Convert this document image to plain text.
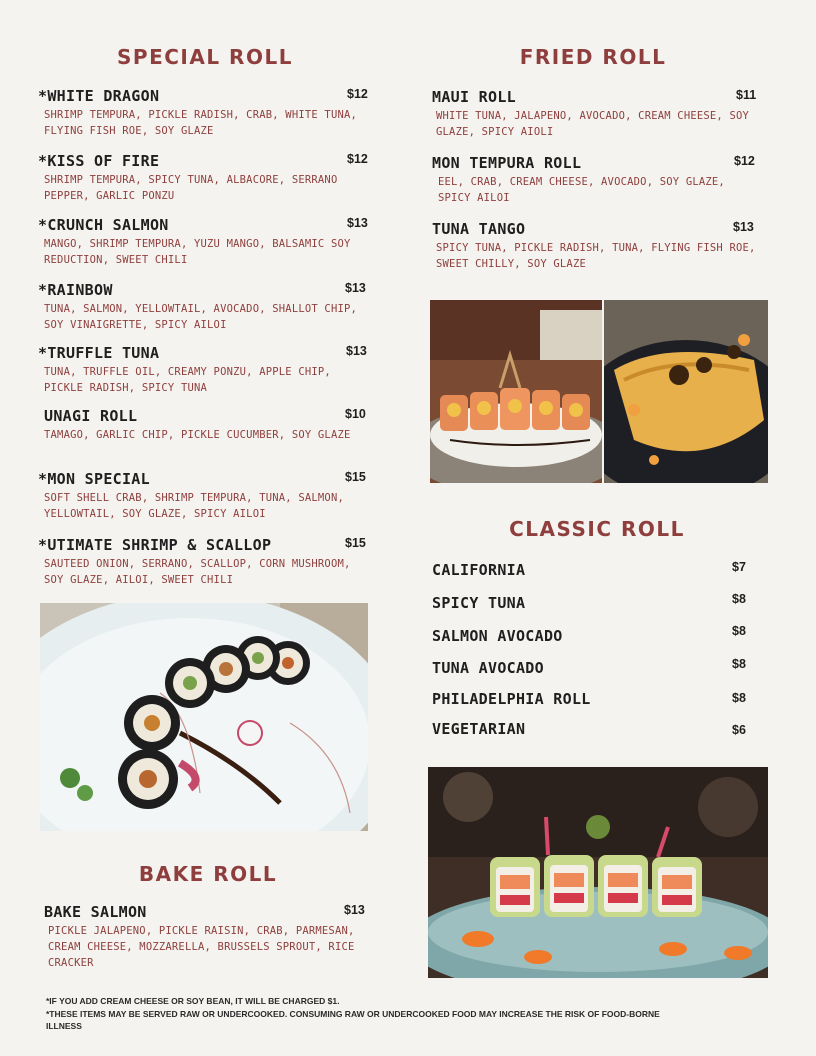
SPECIAL ROLL
*WHITE DRAGON	$12
SHRIMP TEMPURA, PICKLE RADISH, CRAB, WHITE TUNA, FLYING FISH ROE, SOY GLAZE
*KISS OF FIRE	$12
SHRIMP TEMPURA, SPICY TUNA, ALBACORE, SERRANO PEPPER, GARLIC PONZU
*CRUNCH SALMON	$13
MANGO, SHRIMP TEMPURA, YUZU MANGO, BALSAMIC SOY REDUCTION, SWEET CHILI
*RAINBOW	$13
TUNA, SALMON, YELLOWTAIL, AVOCADO, SHALLOT CHIP, SOY VINAIGRETTE, SPICY AILOI
*TRUFFLE TUNA	$13
TUNA, TRUFFLE OIL, CREAMY PONZU, APPLE CHIP, PICKLE RADISH, SPICY TUNA
UNAGI ROLL	$10
TAMAGO, GARLIC CHIP, PICKLE CUCUMBER, SOY GLAZE
*MON SPECIAL	$15
SOFT SHELL CRAB, SHRIMP TEMPURA, TUNA, SALMON, YELLOWTAIL, SOY GLAZE, SPICY AILOI
*UTIMATE SHRIMP & SCALLOP	$15
SAUTEED ONION, SERRANO, SCALLOP, CORN MUSHROOM, SOY GLAZE, AILOI, SWEET CHILI
BAKE ROLL
BAKE SALMON	$13
PICKLE JALAPENO, PICKLE RAISIN, CRAB, PARMESAN, CREAM CHEESE, MOZZARELLA, BRUSSELS SPROUT, RICE CRACKER
FRIED ROLL
MAUI ROLL	$11
WHITE TUNA, JALAPENO, AVOCADO, CREAM CHEESE, SOY GLAZE, SPICY AIOLI
MON TEMPURA ROLL	$12
EEL, CRAB, CREAM CHEESE, AVOCADO, SOY GLAZE, SPICY AILOI
TUNA TANGO	$13
SPICY TUNA, PICKLE RADISH, TUNA, FLYING FISH ROE, SWEET CHILLY, SOY GLAZE
CLASSIC ROLL
CALIFORNIA	$7
SPICY TUNA	$8
SALMON AVOCADO	$8
TUNA AVOCADO	$8
PHILADELPHIA ROLL	$8
VEGETARIAN	$6
*IF YOU ADD CREAM CHEESE OR SOY BEAN, IT WILL BE CHARGED $1.
*THESE ITEMS MAY BE SERVED RAW OR UNDERCOOKED. CONSUMING RAW OR UNDERCOOKED FOOD MAY INCREASE THE RISK OF FOOD-BORNE ILLNESS
